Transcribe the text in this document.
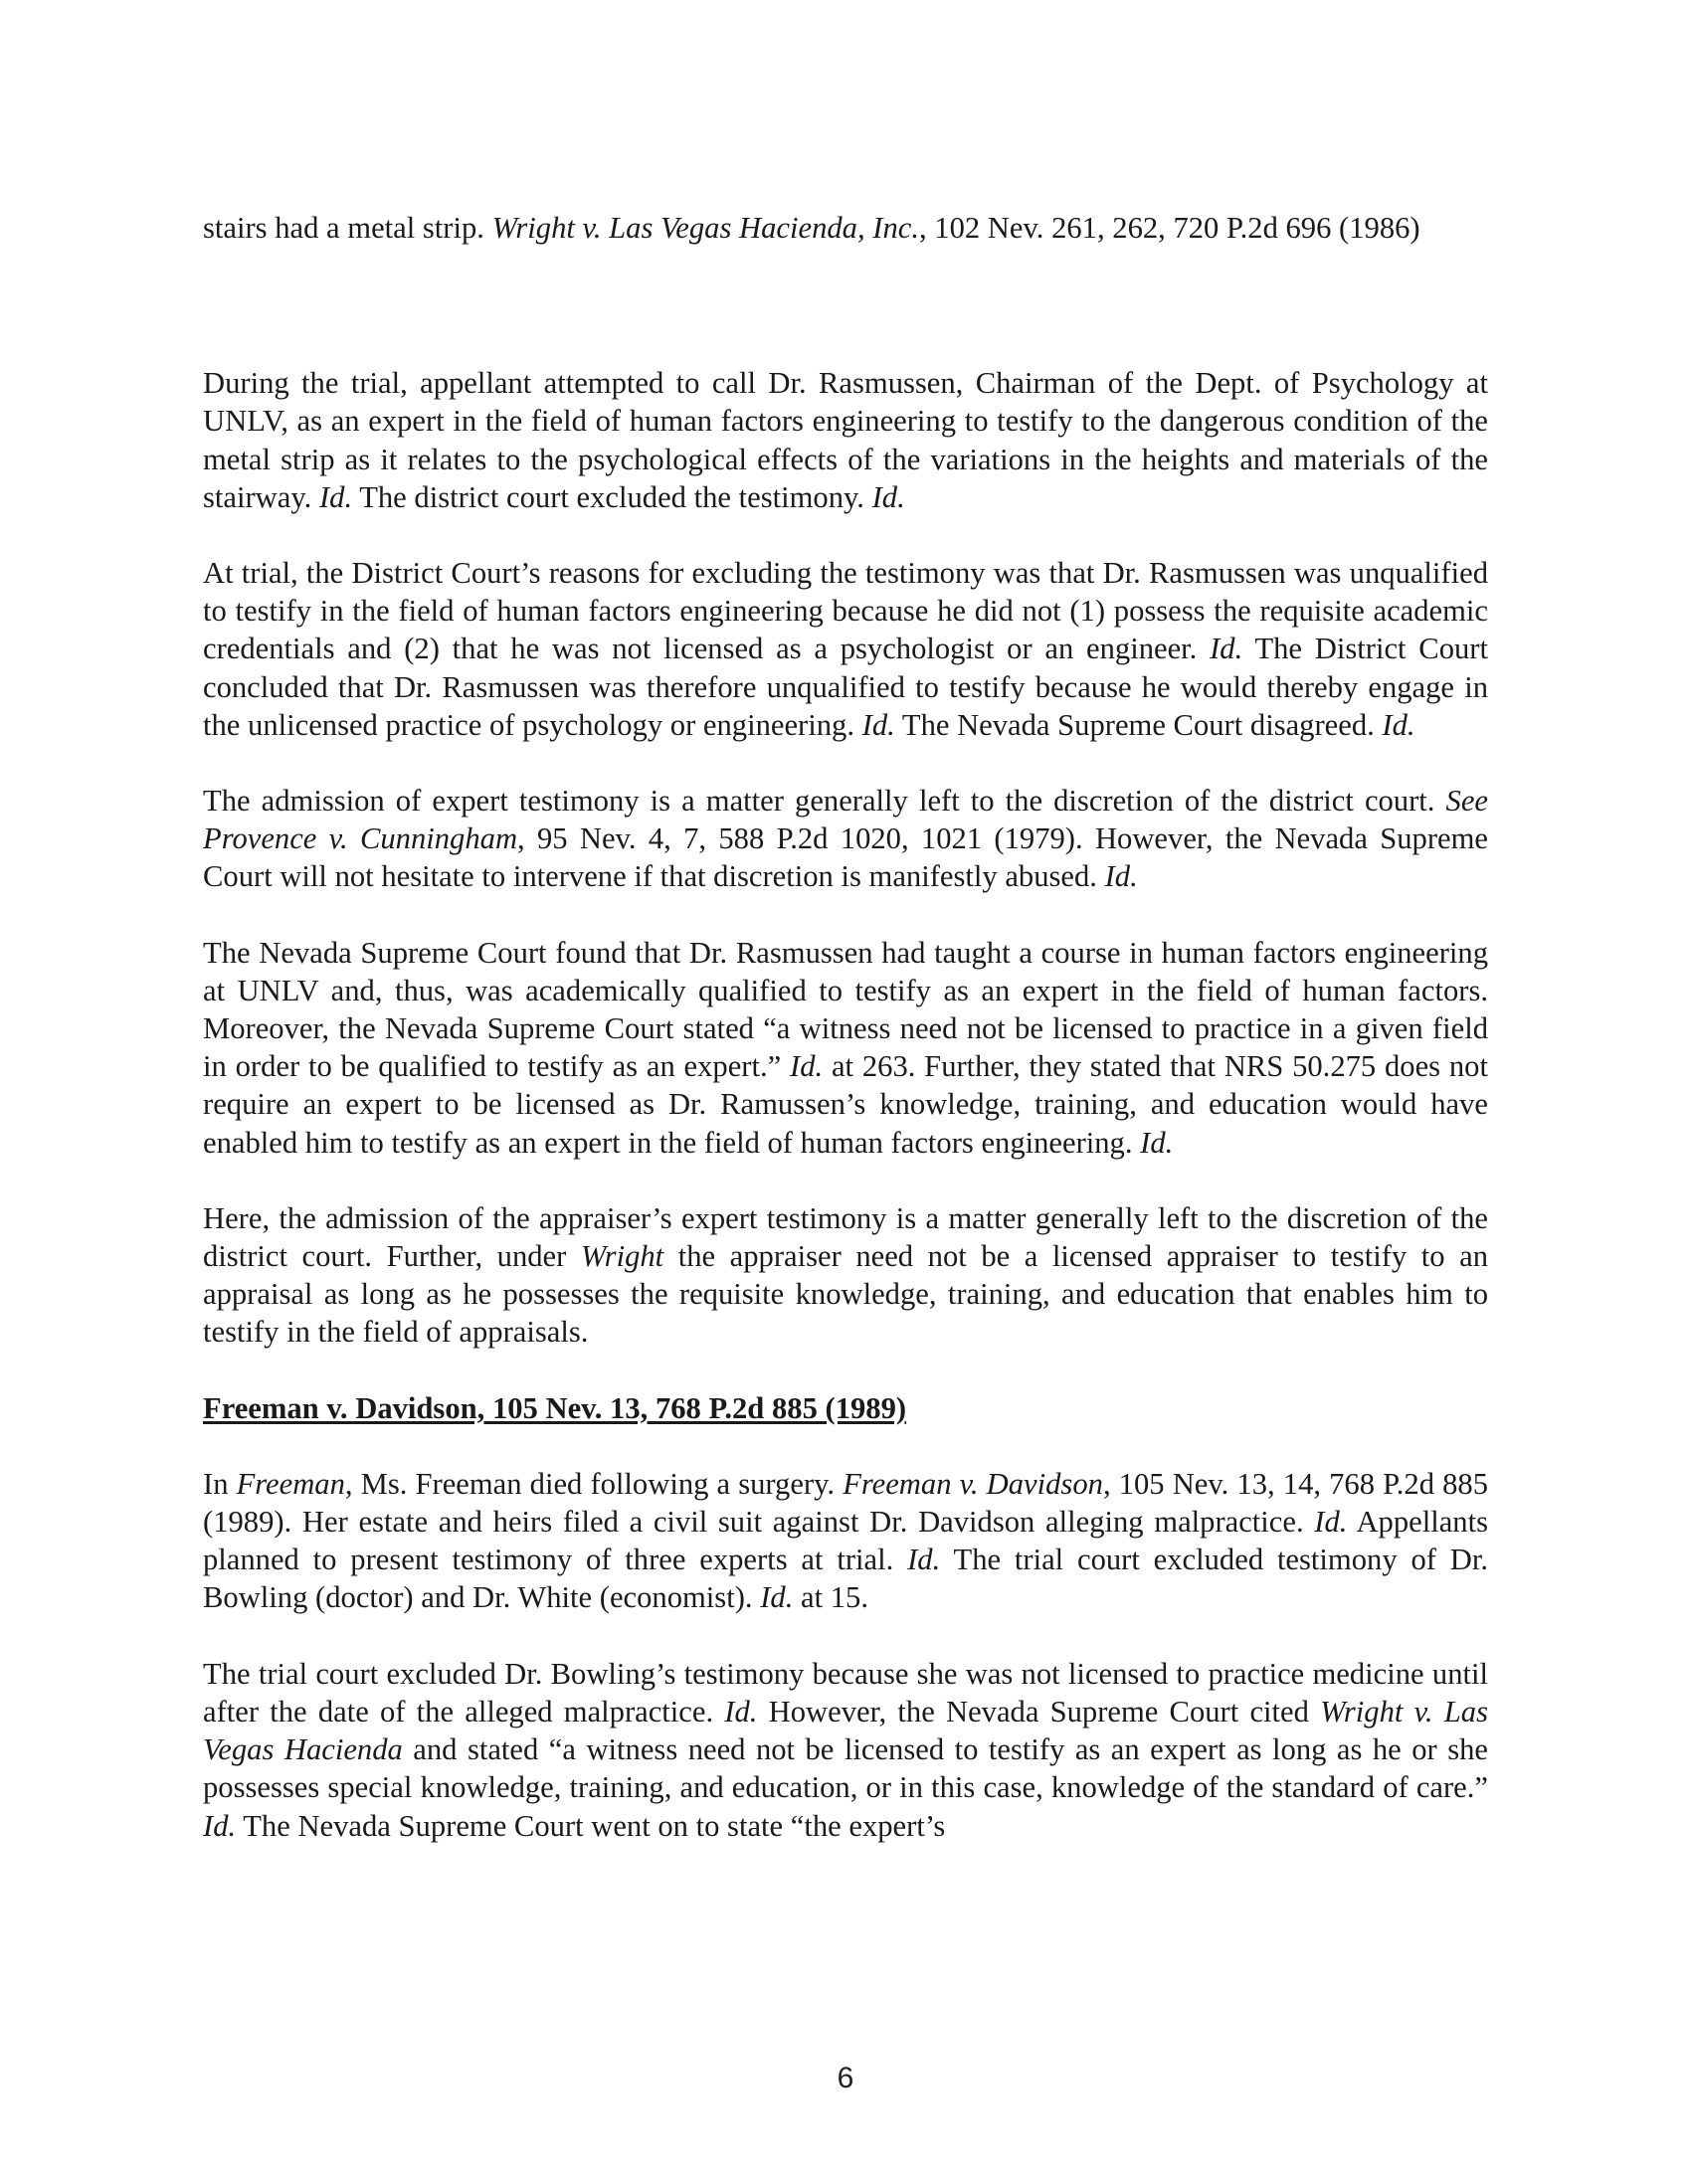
stairs had a metal strip. Wright v. Las Vegas Hacienda, Inc., 102 Nev. 261, 262, 720 P.2d 696 (1986)

During the trial, appellant attempted to call Dr. Rasmussen, Chairman of the Dept. of Psychology at UNLV, as an expert in the field of human factors engineering to testify to the dangerous condition of the metal strip as it relates to the psychological effects of the variations in the heights and materials of the stairway. Id. The district court excluded the testimony. Id.

At trial, the District Court’s reasons for excluding the testimony was that Dr. Rasmussen was unqualified to testify in the field of human factors engineering because he did not (1) possess the requisite academic credentials and (2) that he was not licensed as a psychologist or an engineer. Id. The District Court concluded that Dr. Rasmussen was therefore unqualified to testify because he would thereby engage in the unlicensed practice of psychology or engineering. Id. The Nevada Supreme Court disagreed. Id.

The admission of expert testimony is a matter generally left to the discretion of the district court. See Provence v. Cunningham, 95 Nev. 4, 7, 588 P.2d 1020, 1021 (1979). However, the Nevada Supreme Court will not hesitate to intervene if that discretion is manifestly abused. Id.

The Nevada Supreme Court found that Dr. Rasmussen had taught a course in human factors engineering at UNLV and, thus, was academically qualified to testify as an expert in the field of human factors. Moreover, the Nevada Supreme Court stated “a witness need not be licensed to practice in a given field in order to be qualified to testify as an expert.” Id. at 263. Further, they stated that NRS 50.275 does not require an expert to be licensed as Dr. Ramussen’s knowledge, training, and education would have enabled him to testify as an expert in the field of human factors engineering. Id.

Here, the admission of the appraiser’s expert testimony is a matter generally left to the discretion of the district court. Further, under Wright the appraiser need not be a licensed appraiser to testify to an appraisal as long as he possesses the requisite knowledge, training, and education that enables him to testify in the field of appraisals.

Freeman v. Davidson, 105 Nev. 13, 768 P.2d 885 (1989)

In Freeman, Ms. Freeman died following a surgery. Freeman v. Davidson, 105 Nev. 13, 14, 768 P.2d 885 (1989). Her estate and heirs filed a civil suit against Dr. Davidson alleging malpractice. Id. Appellants planned to present testimony of three experts at trial. Id. The trial court excluded testimony of Dr. Bowling (doctor) and Dr. White (economist). Id. at 15.

The trial court excluded Dr. Bowling’s testimony because she was not licensed to practice medicine until after the date of the alleged malpractice. Id. However, the Nevada Supreme Court cited Wright v. Las Vegas Hacienda and stated “a witness need not be licensed to testify as an expert as long as he or she possesses special knowledge, training, and education, or in this case, knowledge of the standard of care.” Id. The Nevada Supreme Court went on to state “the expert’s

6
